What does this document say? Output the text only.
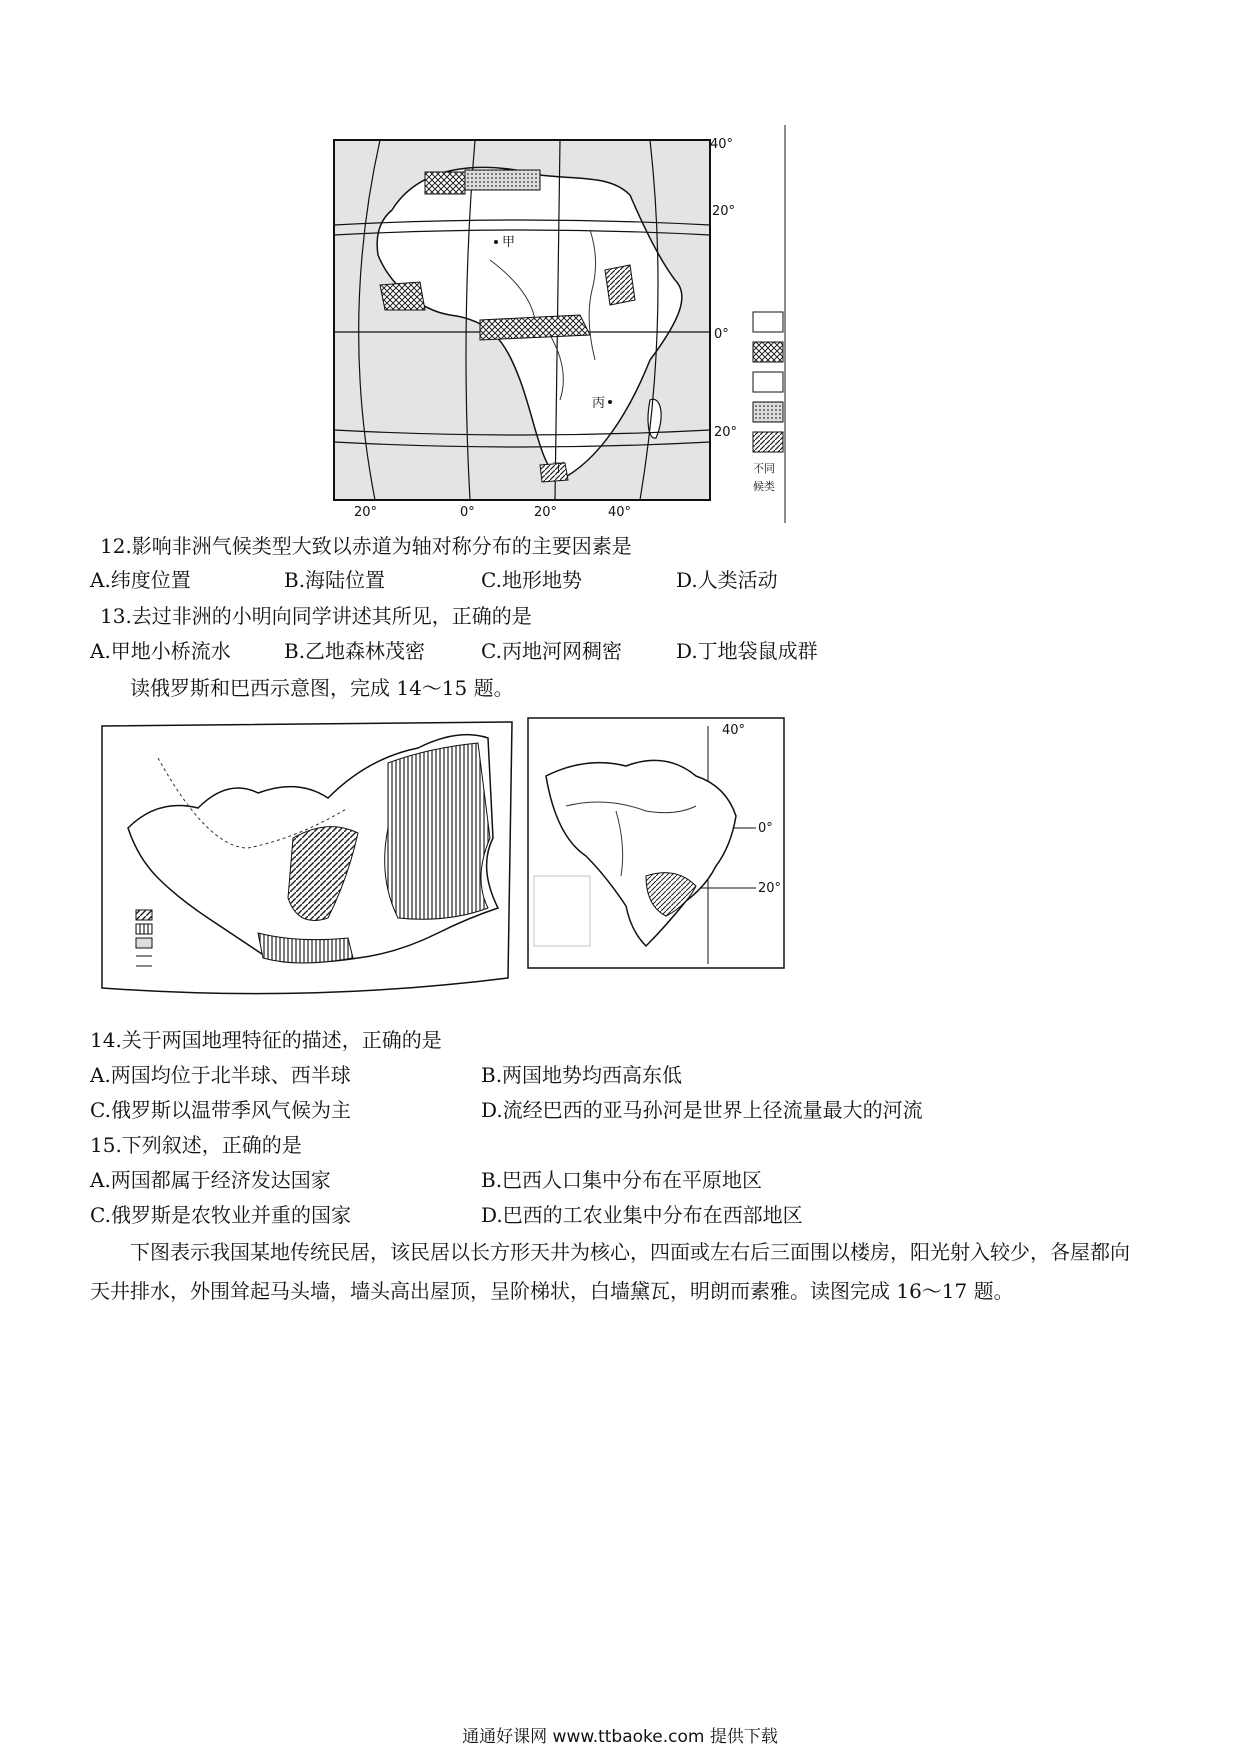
甲
丙
丁
40°
20°
0°
20°
20°	0°	20°	40°
不同
候类
12.影响非洲气候类型大致以赤道为轴对称分布的主要因素是
A.纬度位置	B.海陆位置	C.地形地势	D.人类活动
13.去过非洲的小明向同学讲述其所见，正确的是
A.甲地小桥流水	B.乙地森林茂密	C.丙地河网稠密	D.丁地袋鼠成群
读俄罗斯和巴西示意图，完成 14～15 题。
40°
0°
20°
14.关于两国地理特征的描述，正确的是
A.两国均位于北半球、西半球	B.两国地势均西高东低
C.俄罗斯以温带季风气候为主	D.流经巴西的亚马孙河是世界上径流量最大的河流
15.下列叙述，正确的是
A.两国都属于经济发达国家	B.巴西人口集中分布在平原地区
C.俄罗斯是农牧业并重的国家	D.巴西的工农业集中分布在西部地区
下图表示我国某地传统民居，该民居以长方形天井为核心，四面或左右后三面围以楼房，阳光射入较少，各屋都向天井排水，外围耸起马头墙，墙头高出屋顶，呈阶梯状，白墙黛瓦，明朗而素雅。读图完成 16～17 题。
通通好课网 www.ttbaoke.com 提供下载
